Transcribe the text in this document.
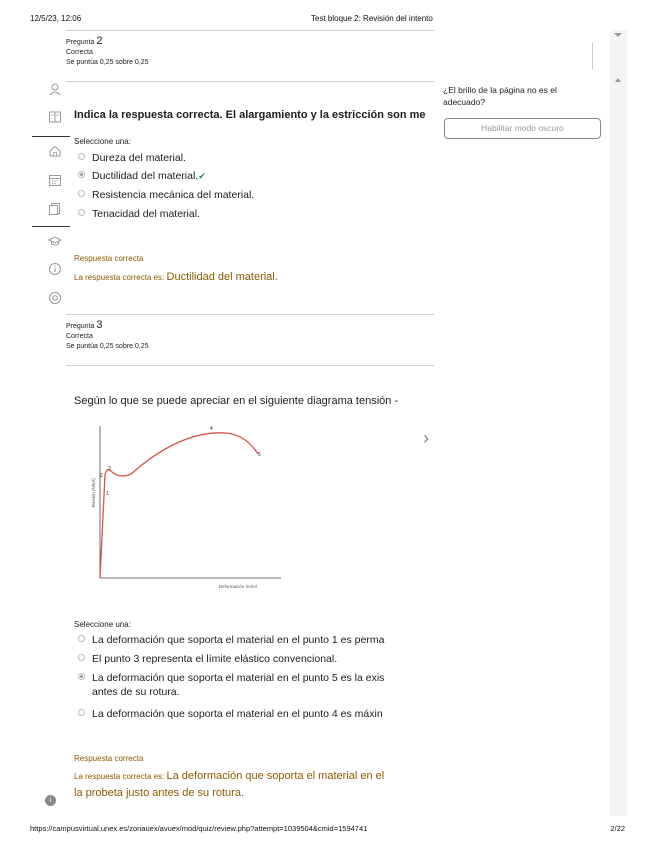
12/5/23, 12:06	Test bloque 2: Revisión del intento
Pregunta 2
Correcta
Se puntúa 0,25 sobre 0,25
Indica la respuesta correcta. El alargamiento y la estricción son me
Seleccione una:
Dureza del material.
Ductilidad del material.✔
Resistencia mecánica del material.
Tenacidad del material.
Respuesta correcta
La respuesta correcta es: Ductilidad del material.
Pregunta 3
Correcta
Se puntúa 0,25 sobre 0,25
Según lo que se puede apreciar en el siguiente diagrama tensión -
1
2
3
4
5
Tensión (N/m²)
Deformación (m/m)
Seleccione una:
La deformación que soporta el material en el punto 1 es perma
El punto 3 representa el límite elástico convencional.
La deformación que soporta el material en el punto 5 es la exis
antes de su rotura.
La deformación que soporta el material en el punto 4 es máxin
Respuesta correcta
La respuesta correcta es: La deformación que soporta el material en el
la probeta justo antes de su rotura.
›
¿El brillo de la página no es el adecuado?
Habilitar modo oscuro
i
https://campusvirtual.unex.es/zonauex/avuex/mod/quiz/review.php?attempt=1039504&cmid=1594741	2/22
